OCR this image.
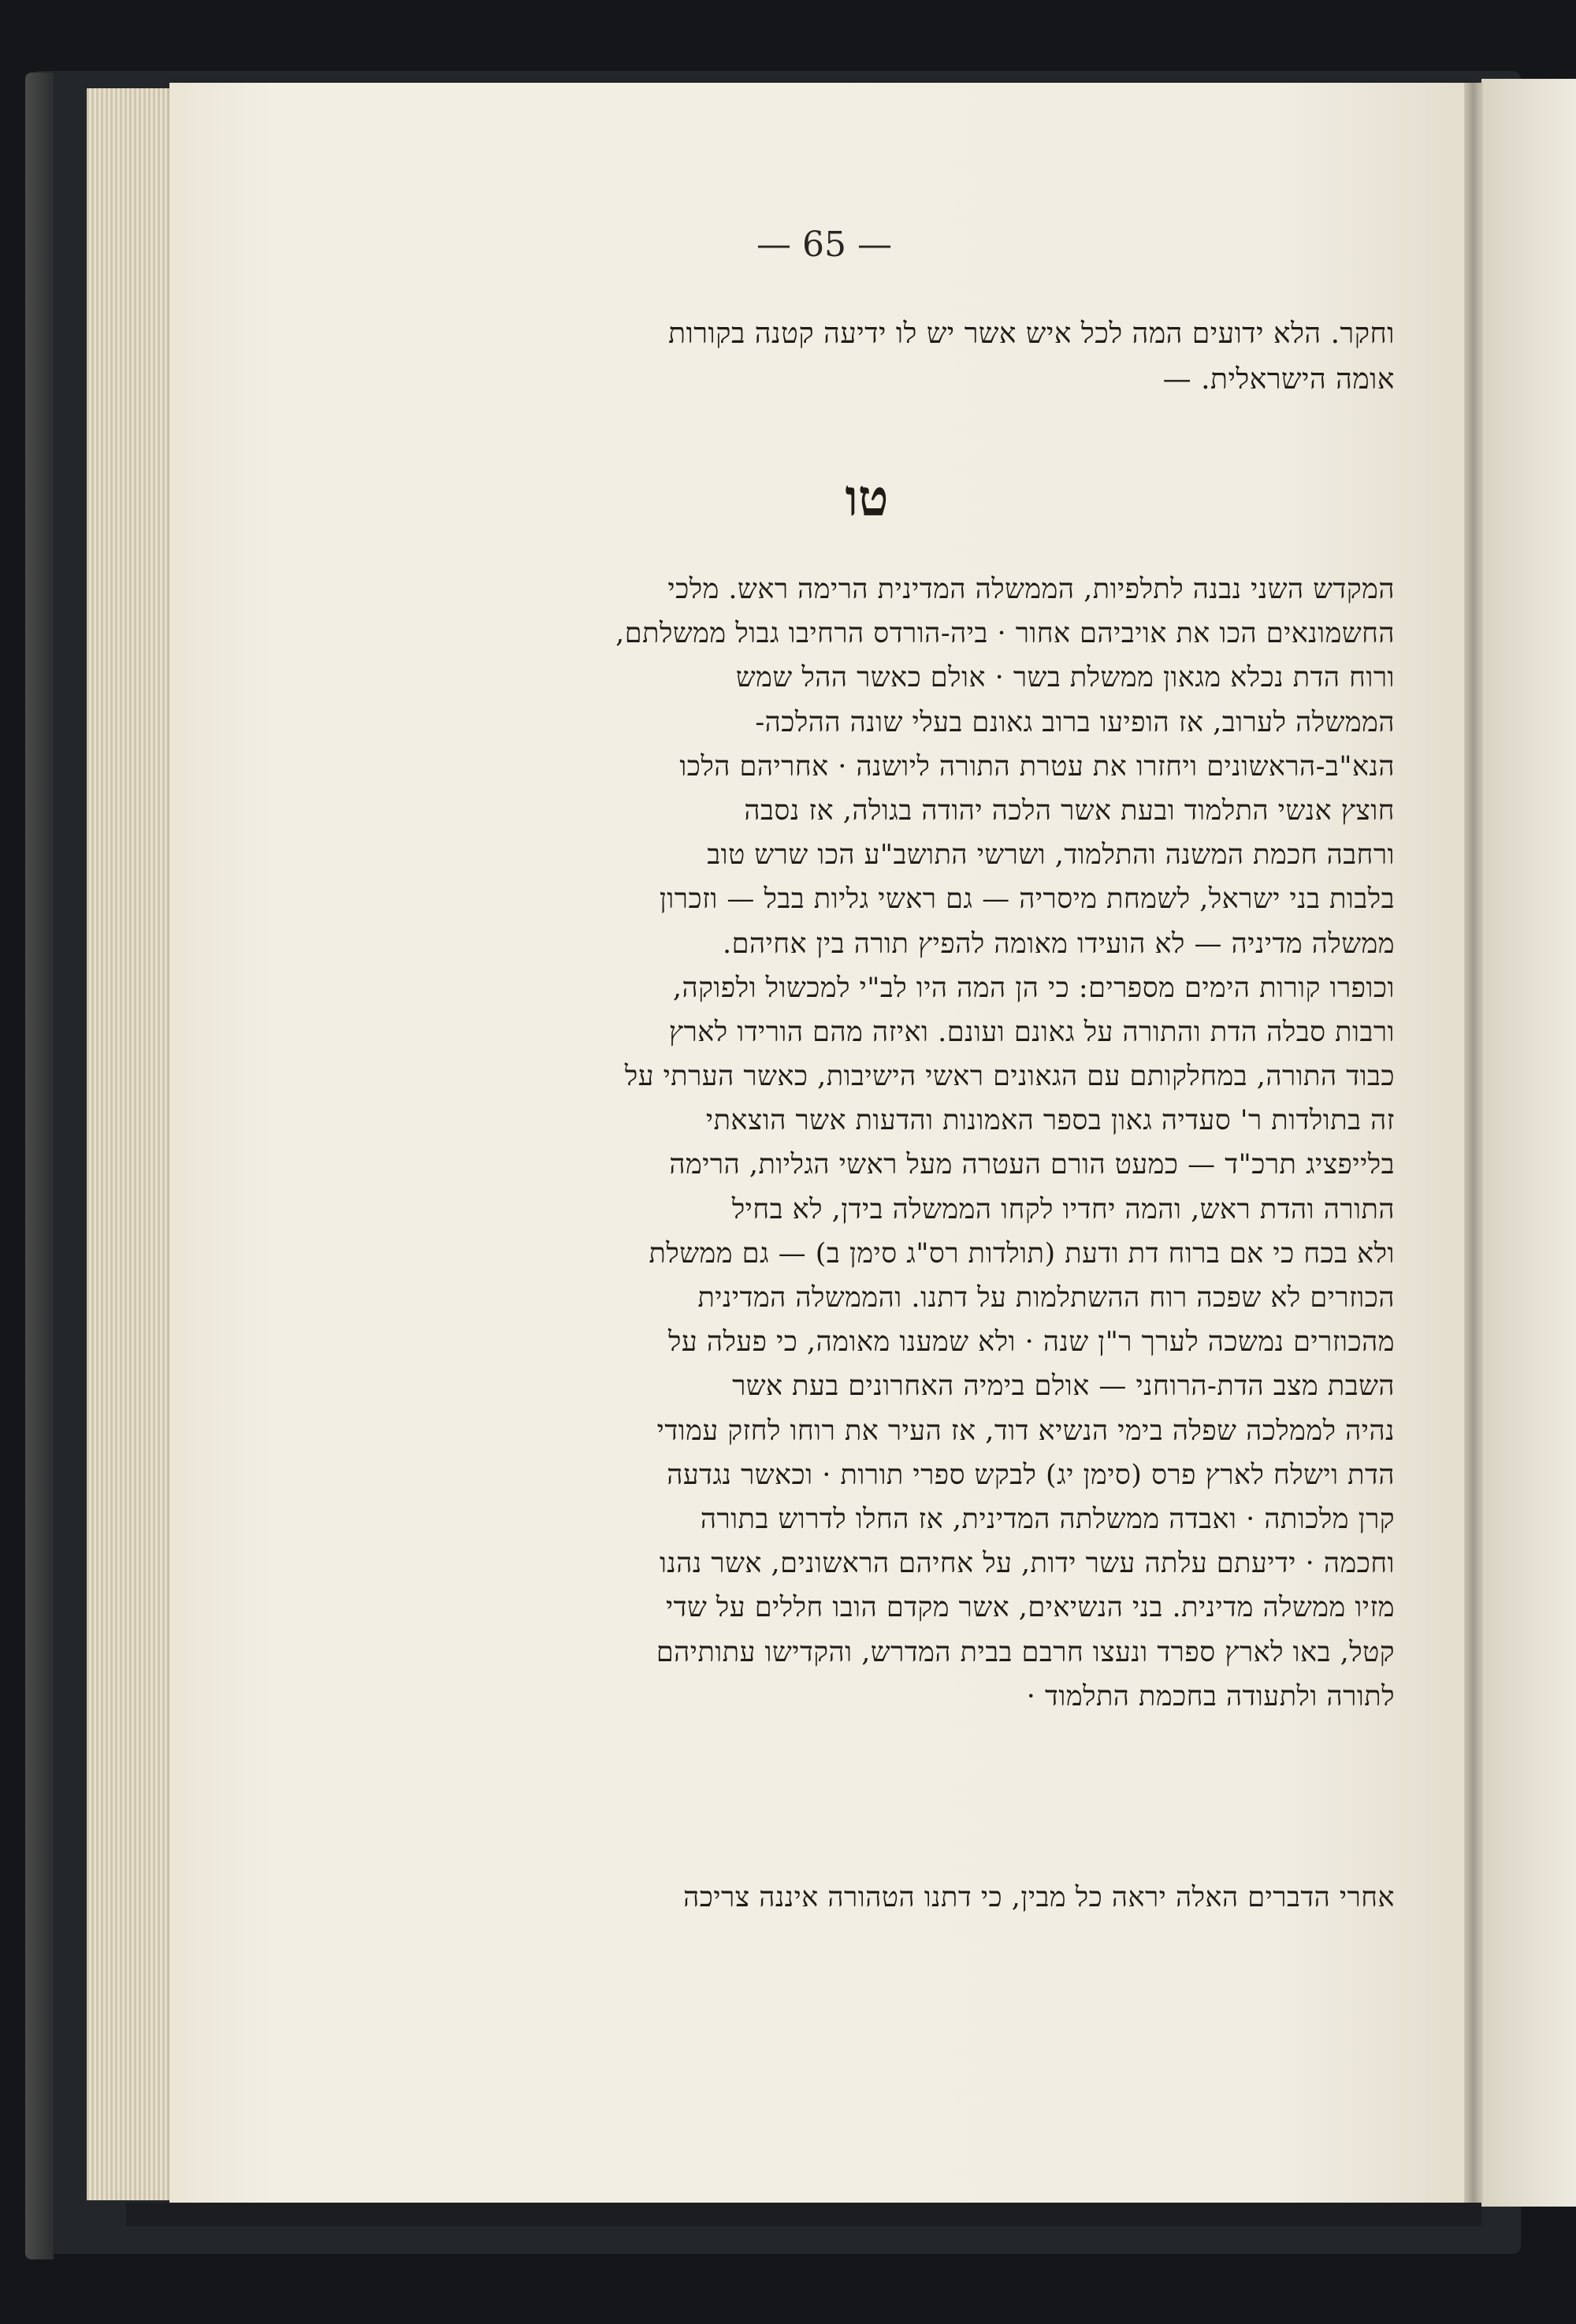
— 65 —
וחקר. הלא ידועים המה לכל איש אשר יש לו ידיעה קטנה בקורות
אומה הישראלית. —
טו
המקדש השני נבנה לתלפיות, הממשלה המדינית הרימה ראש. מלכי
החשמונאים הכו את אויביהם אחור · ביה-הורדס הרחיבו גבול ממשלתם,
ורוח הדת נכלא מגאון ממשלת בשר · אולם כאשר ההל שמש
הממשלה לערוב, אז הופיעו ברוב גאונם בעלי שונה ההלכה-
הנא"ב-הראשונים ויחזרו את עטרת התורה ליושנה · אחריהם הלכו
חוצץ אנשי התלמוד ובעת אשר הלכה יהודה בגולה, אז נסבה
ורחבה חכמת המשנה והתלמוד, ושרשי התושב"ע הכו שרש טוב
בלבות בני ישראל, לשמחת מיסריה — גם ראשי גליות בבל — וזכרון
ממשלה מדיניה — לא הועידו מאומה להפיץ תורה בין אחיהם.
וכופרו קורות הימים מספרים: כי הן המה היו לב"י למכשול ולפוקה,
ורבות סבלה הדת והתורה על גאונם ועונם. ואיזה מהם הורידו לארץ
כבוד התורה, במחלקותם עם הגאונים ראשי הישיבות, כאשר הערתי על
זה בתולדות ר' סעדיה גאון בספר האמונות והדעות אשר הוצאתי
בלייפציג תרכ"ד — כמעט הורם העטרה מעל ראשי הגליות, הרימה
התורה והדת ראש, והמה יחדיו לקחו הממשלה בידן, לא בחיל
ולא בכח כי אם ברוח דת ודעת (תולדות רס"ג סימן ב) — גם ממשלת
הכוזרים לא שפכה רוח ההשתלמות על דתנו. והממשלה המדינית
מהכוזרים נמשכה לערך ר"ן שנה · ולא שמענו מאומה, כי פעלה על
השבת מצב הדת-הרוחני — אולם בימיה האחרונים בעת אשר
נהיה לממלכה שפלה בימי הנשיא דוד, אז העיר את רוחו לחזק עמודי
הדת וישלח לארץ פרס (סימן יג) לבקש ספרי תורות · וכאשר נגדעה
קרן מלכותה · ואבדה ממשלתה המדינית, אז החלו לדרוש בתורה
וחכמה · ידיעתם עלתה עשר ידות, על אחיהם הראשונים, אשר נהנו
מזיו ממשלה מדינית. בני הנשיאים, אשר מקדם הובו חללים על שדי
קטל, באו לארץ ספרד ונעצו חרבם בבית המדרש, והקדישו עתותיהם
לתורה ולתעודה בחכמת התלמוד ·
אחרי הדברים האלה יראה כל מבין, כי דתנו הטהורה איננה צריכה
